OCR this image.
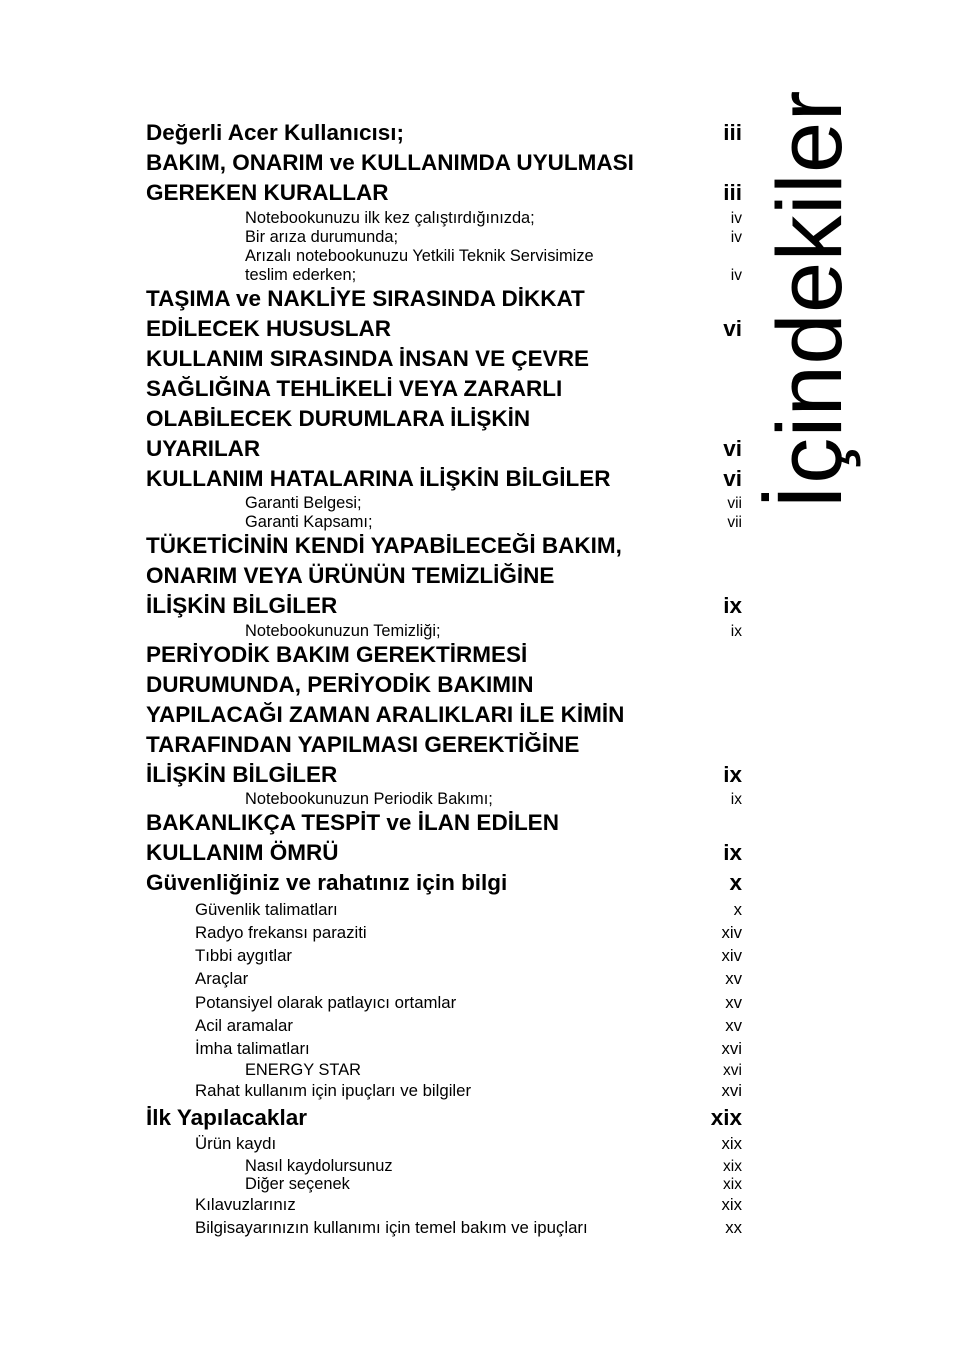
İçindekiler
Değerli Acer Kullanıcısı;	iii
BAKIM, ONARIM ve KULLANIMDA UYULMASI
GEREKEN KURALLAR	iii
Notebookunuzu ilk kez çalıştırdığınızda;	iv
Bir arıza durumunda;	iv
Arızalı notebookunuzu Yetkili Teknik Servisimize
teslim ederken;	iv
TAŞIMA ve NAKLİYE SIRASINDA DİKKAT
EDİLECEK HUSUSLAR	vi
KULLANIM SIRASINDA İNSAN VE ÇEVRE
SAĞLIĞINA TEHLİKELİ VEYA ZARARLI
OLABİLECEK DURUMLARA İLİŞKİN
UYARILAR	vi
KULLANIM HATALARINA İLİŞKİN BİLGİLER	vi
Garanti Belgesi;	vii
Garanti Kapsamı;	vii
TÜKETİCİNİN KENDİ YAPABİLECEĞİ BAKIM,
ONARIM VEYA ÜRÜNÜN TEMİZLİĞİNE
İLİŞKİN BİLGİLER	ix
Notebookunuzun Temizliği;	ix
PERİYODİK BAKIM GEREKTİRMESİ
DURUMUNDA, PERİYODİK BAKIMIN
YAPILACAĞI ZAMAN ARALIKLARI İLE KİMİN
TARAFINDAN YAPILMASI GEREKTİĞİNE
İLİŞKİN BİLGİLER	ix
Notebookunuzun Periodik Bakımı;	ix
BAKANLIKÇA TESPİT ve İLAN EDİLEN
KULLANIM ÖMRÜ	ix
Güvenliğiniz ve rahatınız için bilgi	x
Güvenlik talimatları	x
Radyo frekansı paraziti	xiv
Tıbbi aygıtlar	xiv
Araçlar	xv
Potansiyel olarak patlayıcı ortamlar	xv
Acil aramalar	xv
İmha talimatları	xvi
ENERGY STAR	xvi
Rahat kullanım için ipuçları ve bilgiler	xvi
İlk Yapılacaklar	xix
Ürün kaydı	xix
Nasıl kaydolursunuz	xix
Diğer seçenek	xix
Kılavuzlarınız	xix
Bilgisayarınızın kullanımı için temel bakım ve ipuçları	xx
